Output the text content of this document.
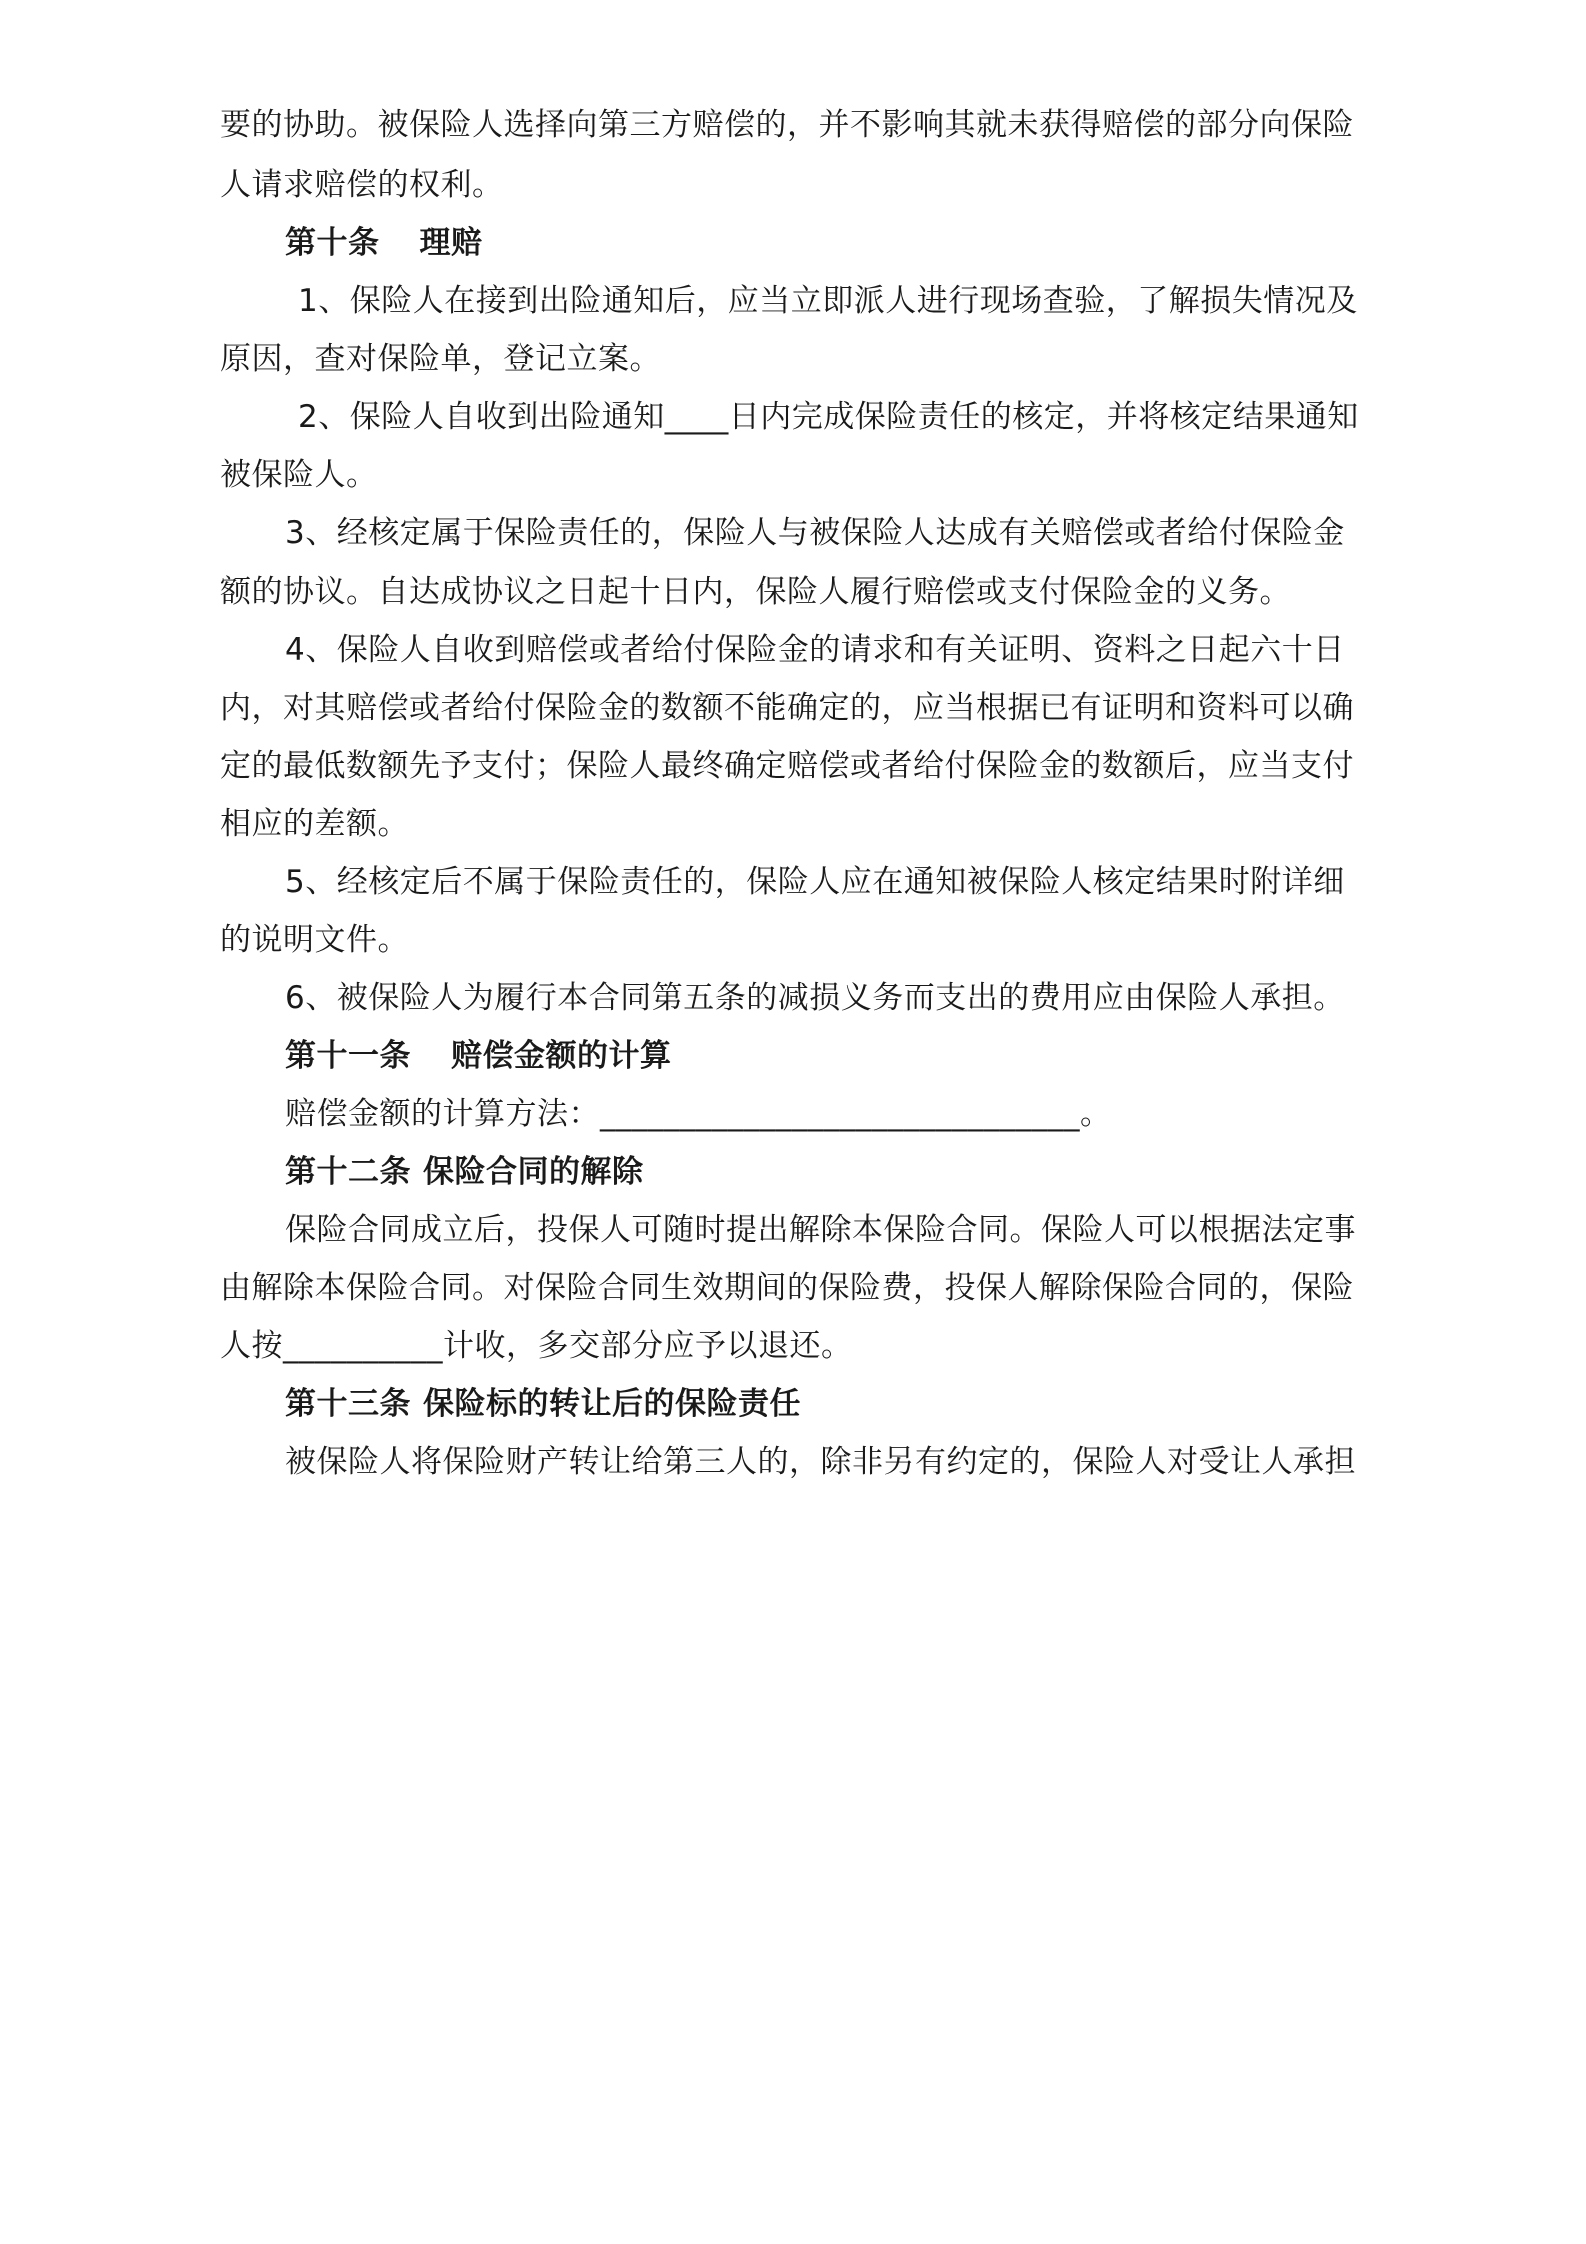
要的协助。被保险人选择向第三方赔偿的，并不影响其就未获得赔偿的部分向保险
人请求赔偿的权利。
第十条 理赔
1、保险人在接到出险通知后，应当立即派人进行现场查验，了解损失情况及
原因，查对保险单，登记立案。
2、保险人自收到出险通知____日内完成保险责任的核定，并将核定结果通知
被保险人。
3、经核定属于保险责任的，保险人与被保险人达成有关赔偿或者给付保险金
额的协议。自达成协议之日起十日内，保险人履行赔偿或支付保险金的义务。
4、保险人自收到赔偿或者给付保险金的请求和有关证明、资料之日起六十日
内，对其赔偿或者给付保险金的数额不能确定的，应当根据已有证明和资料可以确
定的最低数额先予支付；保险人最终确定赔偿或者给付保险金的数额后，应当支付
相应的差额。
5、经核定后不属于保险责任的，保险人应在通知被保险人核定结果时附详细
的说明文件。
6、被保险人为履行本合同第五条的减损义务而支出的费用应由保险人承担。
第十一条 赔偿金额的计算
赔偿金额的计算方法：______________________________。
第十二条 保险合同的解除
保险合同成立后，投保人可随时提出解除本保险合同。保险人可以根据法定事
由解除本保险合同。对保险合同生效期间的保险费，投保人解除保险合同的，保险
人按__________计收，多交部分应予以退还。
第十三条 保险标的转让后的保险责任
被保险人将保险财产转让给第三人的，除非另有约定的，保险人对受让人承担
